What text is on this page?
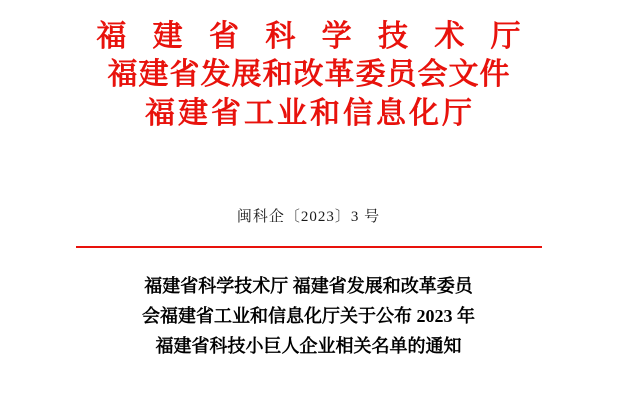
福 建 省 科 学 技 术 厅
福建省发展和改革委员会文件
福建省工业和信息化厅
闽科企〔2023〕3 号
福建省科学技术厅 福建省发展和改革委员
会福建省工业和信息化厅关于公布 2023 年
福建省科技小巨人企业相关名单的通知
